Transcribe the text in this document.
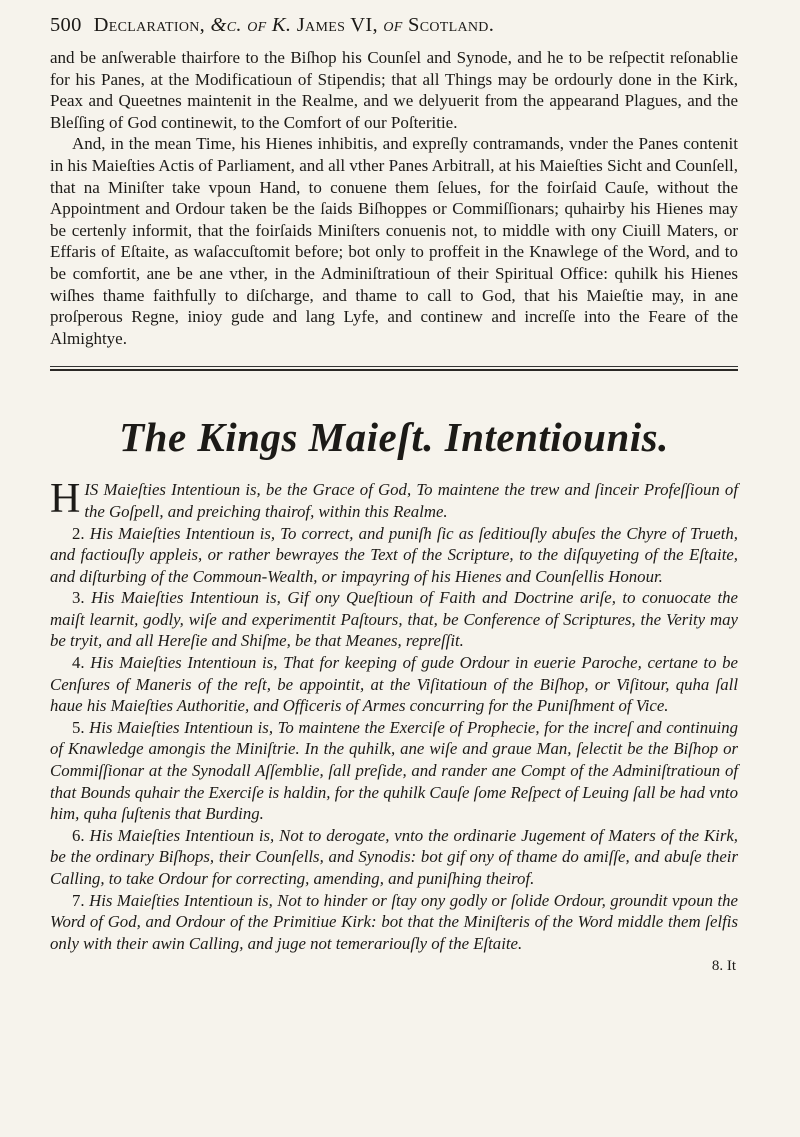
500 Declaration, &c. of K. James VI, of Scotland.

and be anſwerable thairfore to the Biſhop his Counſel and Synode, and he to be reſpectit reſonablie for his Panes, at the Modificatioun of Stipendis; that all Things may be ordourly done in the Kirk, Peax and Queetnes maintenit in the Realme, and we delyuerit from the appearand Plagues, and the Bleſſing of God continewit, to the Comfort of our Poſteritie.

And, in the mean Time, his Hienes inhibitis, and expreſly contramands, vnder the Panes contenit in his Maieſties Actis of Parliament, and all vther Panes Arbitrall, at his Maieſties Sicht and Counſell, that na Miniſter take vpoun Hand, to conuene them ſelues, for the foirſaid Cauſe, without the Appointment and Ordour taken be the ſaids Biſhoppes or Commiſſionars; quhairby his Hienes may be certenly informit, that the foirſaids Miniſters conuenis not, to middle with ony Ciuill Maters, or Effaris of Eſtaite, as waſaccuſtomit before; bot only to proffeit in the Knawlege of the Word, and to be comfortit, ane be ane vther, in the Adminiſtratioun of their Spiritual Office: quhilk his Hienes wiſhes thame faithfully to diſcharge, and thame to call to God, that his Maieſtie may, in ane proſperous Regne, inioy gude and lang Lyfe, and continew and increſſe into the Feare of the Almightye.

The Kings Maieſt. Intentiounis.

HIS Maieſties Intentioun is, be the Grace of God, To maintene the trew and ſinceir Profeſſioun of the Goſpell, and preiching thairof, within this Realme.

2. His Maieſties Intentioun is, To correct, and puniſh ſic as ſeditiouſly abuſes the Chyre of Trueth, and factiouſly appleis, or rather bewrayes the Text of the Scripture, to the diſquyeting of the Eſtaite, and diſturbing of the Commoun-Wealth, or impayring of his Hienes and Counſellis Honour.

3. His Maieſties Intentioun is, Gif ony Queſtioun of Faith and Doctrine ariſe, to conuocate the maiſt learnit, godly, wiſe and experimentit Paſtours, that, be Conference of Scriptures, the Verity may be tryit, and all Hereſie and Shiſme, be that Meanes, repreſſit.

4. His Maieſties Intentioun is, That for keeping of gude Ordour in euerie Paroche, certane to be Cenſures of Maneris of the reſt, be appointit, at the Viſitatioun of the Biſhop, or Viſitour, quha ſall haue his Maieſties Authoritie, and Officeris of Armes concurring for the Puniſhment of Vice.

5. His Maieſties Intentioun is, To maintene the Exerciſe of Prophecie, for the increſ and continuing of Knawledge amongis the Miniſtrie. In the quhilk, ane wiſe and graue Man, ſelectit be the Biſhop or Commiſſionar at the Synodall Aſſemblie, ſall preſide, and rander ane Compt of the Adminiſtratioun of that Bounds quhair the Exerciſe is haldin, for the quhilk Cauſe ſome Reſpect of Leuing ſall be had vnto him, quha ſuſtenis that Burding.

6. His Maieſties Intentioun is, Not to derogate, vnto the ordinarie Jugement of Maters of the Kirk, be the ordinary Biſhops, their Counſells, and Synodis: bot gif ony of thame do amiſſe, and abuſe their Calling, to take Ordour for correcting, amending, and puniſhing theirof.

7. His Maieſties Intentioun is, Not to hinder or ſtay ony godly or ſolide Ordour, groundit vpoun the Word of God, and Ordour of the Primitiue Kirk: bot that the Miniſteris of the Word middle them ſelfis only with their awin Calling, and juge not temerariouſly of the Eſtaite.

8. It
